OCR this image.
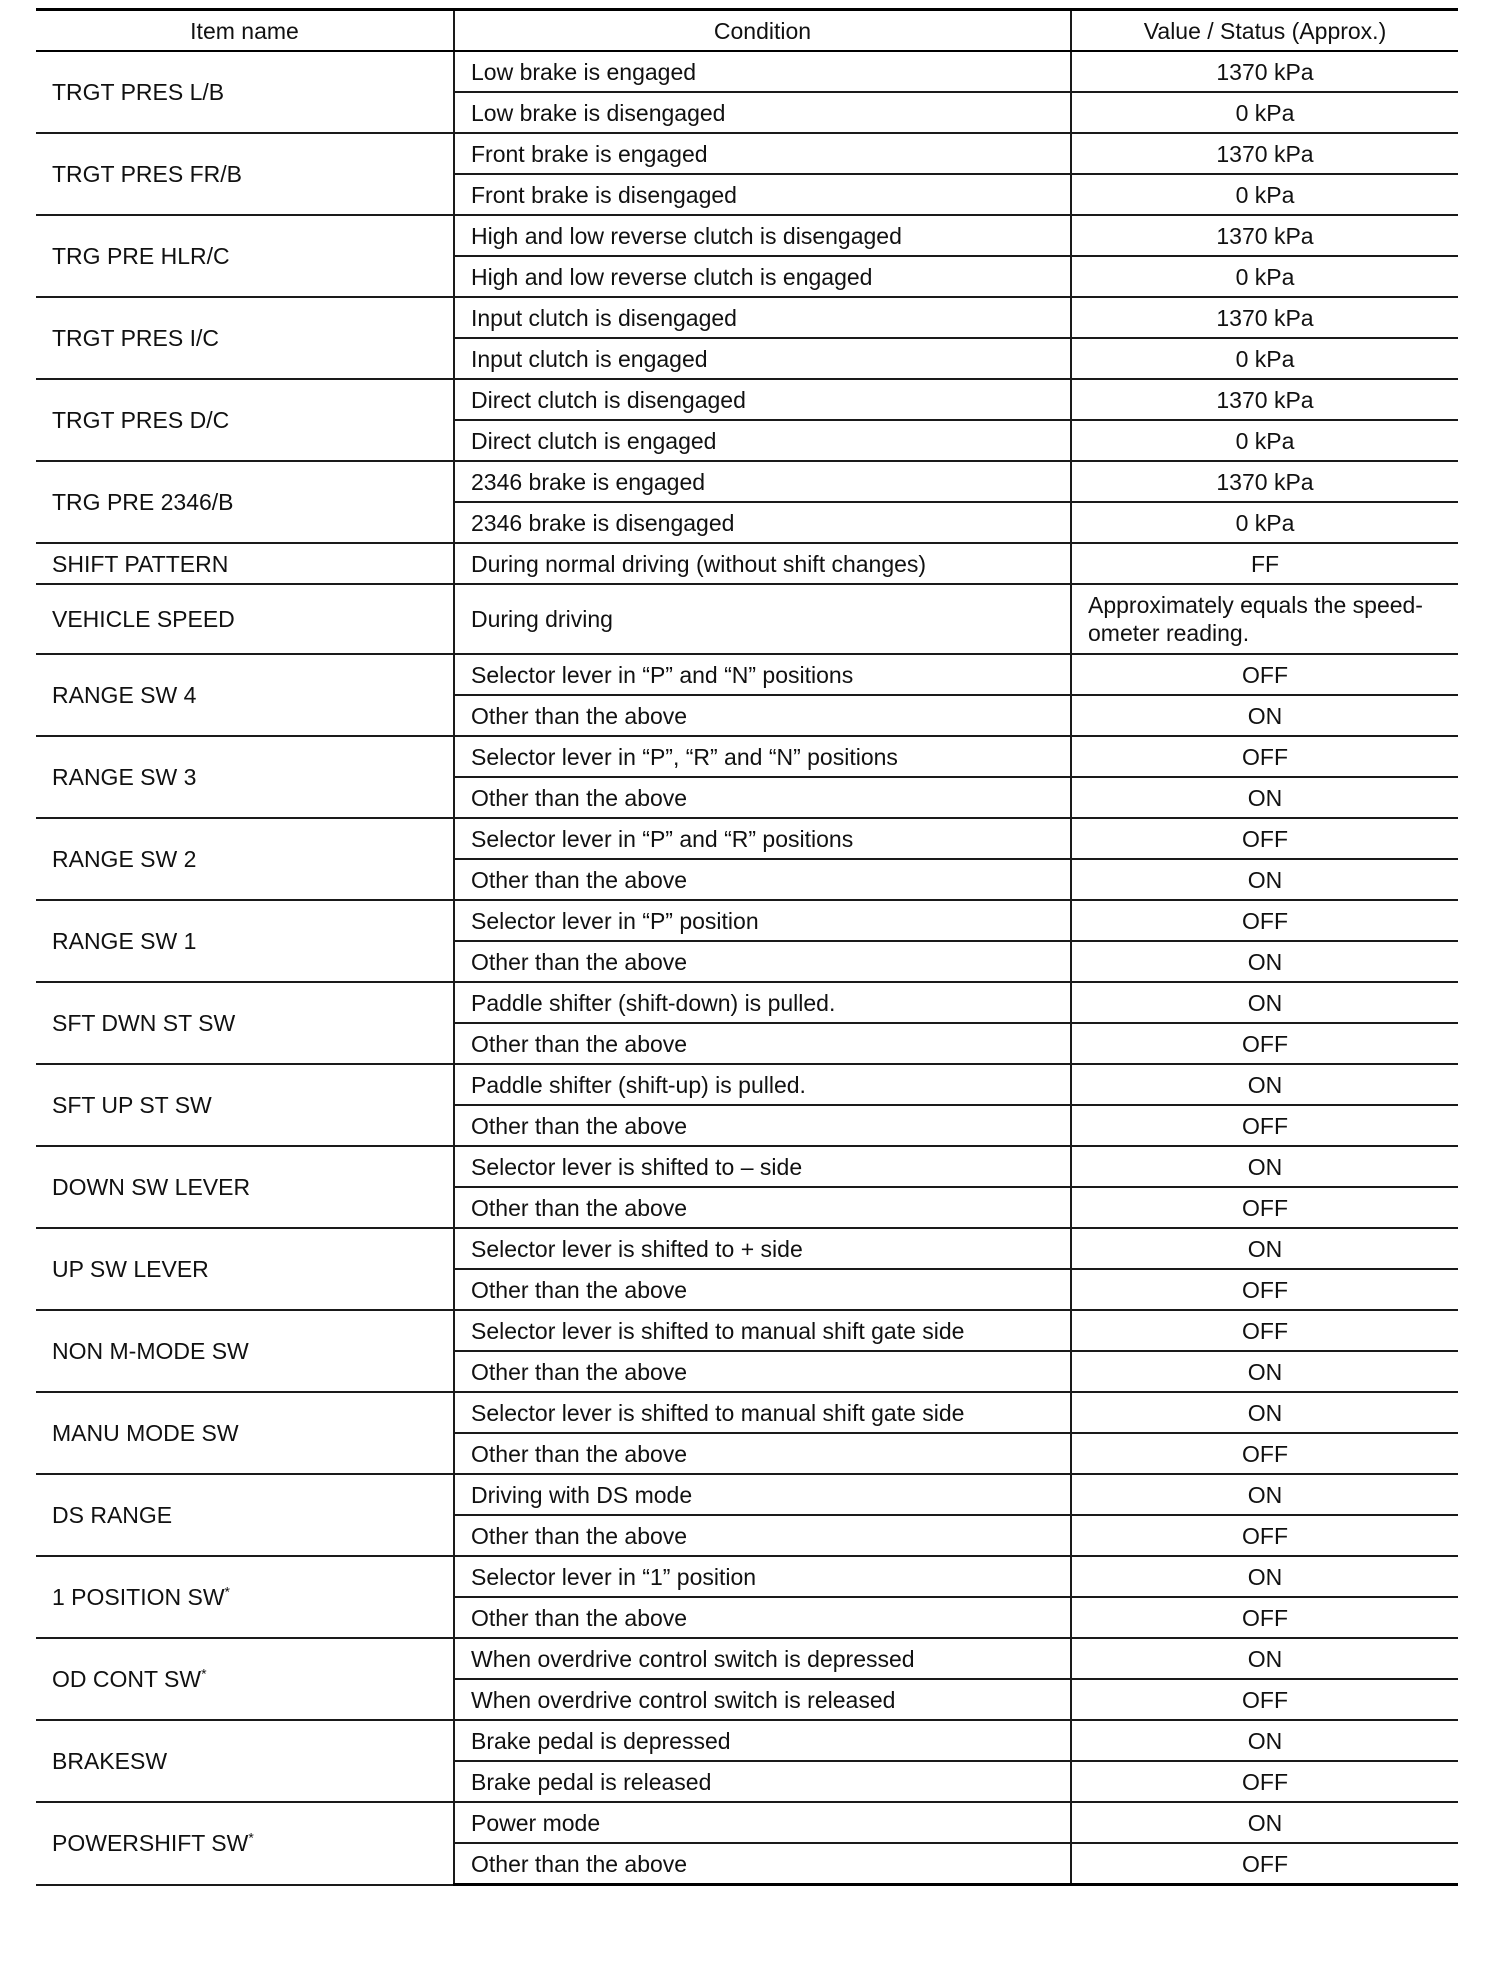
Item name	Condition	Value / Status (Approx.)
TRGT PRES L/B	Low brake is engaged	1370 kPa
	Low brake is disengaged	0 kPa
TRGT PRES FR/B	Front brake is engaged	1370 kPa
	Front brake is disengaged	0 kPa
TRG PRE HLR/C	High and low reverse clutch is disengaged	1370 kPa
	High and low reverse clutch is engaged	0 kPa
TRGT PRES I/C	Input clutch is disengaged	1370 kPa
	Input clutch is engaged	0 kPa
TRGT PRES D/C	Direct clutch is disengaged	1370 kPa
	Direct clutch is engaged	0 kPa
TRG PRE 2346/B	2346 brake is engaged	1370 kPa
	2346 brake is disengaged	0 kPa
SHIFT PATTERN	During normal driving (without shift changes)	FF
VEHICLE SPEED	During driving	Approximately equals the speed-
ometer reading.
RANGE SW 4	Selector lever in “P” and “N” positions	OFF
	Other than the above	ON
RANGE SW 3	Selector lever in “P”, “R” and “N” positions	OFF
	Other than the above	ON
RANGE SW 2	Selector lever in “P” and “R” positions	OFF
	Other than the above	ON
RANGE SW 1	Selector lever in “P” position	OFF
	Other than the above	ON
SFT DWN ST SW	Paddle shifter (shift-down) is pulled.	ON
	Other than the above	OFF
SFT UP ST SW	Paddle shifter (shift-up) is pulled.	ON
	Other than the above	OFF
DOWN SW LEVER	Selector lever is shifted to – side	ON
	Other than the above	OFF
UP SW LEVER	Selector lever is shifted to + side	ON
	Other than the above	OFF
NON M-MODE SW	Selector lever is shifted to manual shift gate side	OFF
	Other than the above	ON
MANU MODE SW	Selector lever is shifted to manual shift gate side	ON
	Other than the above	OFF
DS RANGE	Driving with DS mode	ON
	Other than the above	OFF
1 POSITION SW*	Selector lever in “1” position	ON
	Other than the above	OFF
OD CONT SW*	When overdrive control switch is depressed	ON
	When overdrive control switch is released	OFF
BRAKESW	Brake pedal is depressed	ON
	Brake pedal is released	OFF
POWERSHIFT SW*	Power mode	ON
	Other than the above	OFF
